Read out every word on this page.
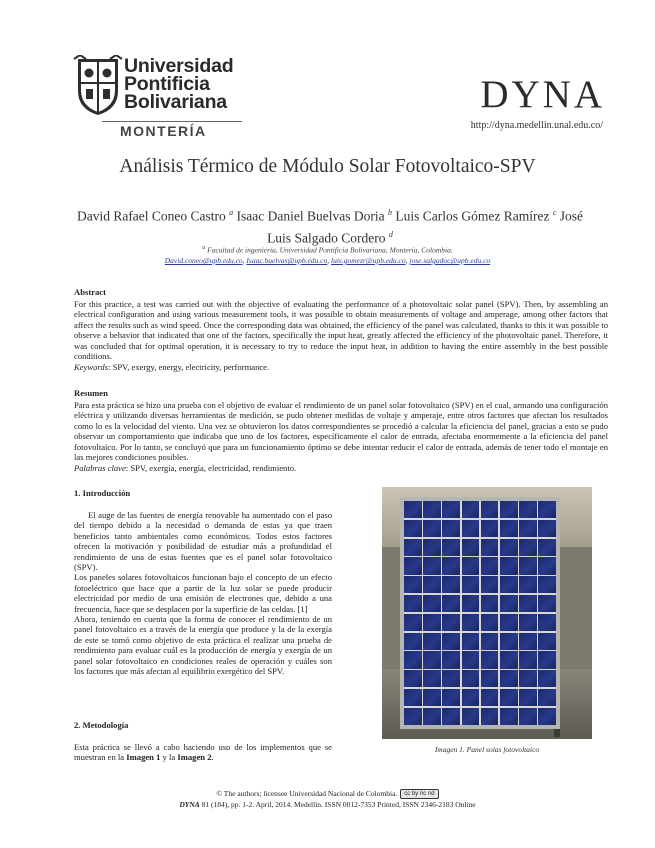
Universidad
Pontificia
Bolivariana
MONTERÍA
DYNA
http://dyna.medellin.unal.edu.co/
Análisis Térmico de Módulo Solar Fotovoltaico-SPV
David Rafael Coneo Castro $^a$ Isaac Daniel Buelvas Doria $^b$ Luis Carlos Gómez Ramírez $^c$ José Luis Salgado Cordero $^d$
$^a$ Facultad de ingeniería, Universidad Pontificia Bolivariana, Montería, Colombia.
David.coneo@upb.edu.co, Isaac.buelvas@upb.edu.co, luis.gomezr@upb.edu.co, jose.salgadoc@upb.edu.co
Abstract
For this practice, a test was carried out with the objective of evaluating the performance of a photovoltaic solar panel (SPV). Then, by assembling an electrical configuration and using various measurement tools, it was possible to obtain measurements of voltage and amperage, among other factors that affect the results such as wind speed. Once the corresponding data was obtained, the efficiency of the panel was calculated, thanks to this it was possible to observe a behavior that indicated that one of the factors, specifically the input heat, greatly affected the efficiency of the photovoltaic panel. Therefore, it was concluded that for optimal operation, it is necessary to try to reduce the input heat, in addition to having the entire assembly in the best possible conditions.
Keywords: SPV, exergy, energy, electricity, performance.
Resumen
Para esta práctica se hizo una prueba con el objetivo de evaluar el rendimiento de un panel solar fotovoltaico (SPV) en el cual, armando una configuración eléctrica y utilizando diversas herramientas de medición, se pudo obtener medidas de voltaje y amperaje, entre otros factores que afectan los resultados como lo es la velocidad del viento. Una vez se obtuvieron los datos correspondientes se procedió a calcular la eficiencia del panel, gracias a esto se pudo observar un comportamiento que indicaba que uno de los factores, específicamente el calor de entrada, afectaba enormemente a la eficiencia del panel fotovoltaico. Por lo tanto, se concluyó que para un funcionamiento óptimo se debe intentar reducir el calor de entrada, además de tener todo el montaje en las mejores condiciones posibles.
Palabras clave: SPV, exergía, energía, electricidad, rendimiento.
1. Introducción

El auge de las fuentes de energía renovable ha aumentado con el paso del tiempo debido a la necesidad o demanda de estas ya que traen beneficios tanto ambientales como económicos. Todos estos factores ofrecen la motivación y posibilidad de estudiar más a profundidad el rendimiento de una de estas fuentes que es el panel solar fotovoltaico (SPV).

Los paneles solares fotovoltaicos funcionan bajo el concepto de un efecto fotoeléctrico que hace que a partir de la luz solar se puede producir electricidad por medio de una emisión de electrones que, debido a una frecuencia, hace que se desplacen por la superficie de las celdas. [1]

Ahora, teniendo en cuenta que la forma de conocer el rendimiento de un panel fotovoltaico es a través de la energía que produce y la de la exergía de este se tomó como objetivo de esta práctica el realizar una prueba de rendimiento para evaluar cuál es la producción de energía y exergía de un panel solar fotovoltaico en condiciones reales de operación y cuáles son los factores que más afectan al equilibrio exergético del SPV.

2. Metodología
Esta práctica se llevó a cabo haciendo uso de los implementos que se muestran en la Imagen 1 y la Imagen 2.
Imagen 1. Panel solas fotovoltaico
© The authors; licensee Universidad Nacional de Colombia. cc by nc nd
DYNA 81 (184), pp. 1-2. April, 2014. Medellín. ISSN 0012-7353 Printed, ISSN 2346-2183 Online
